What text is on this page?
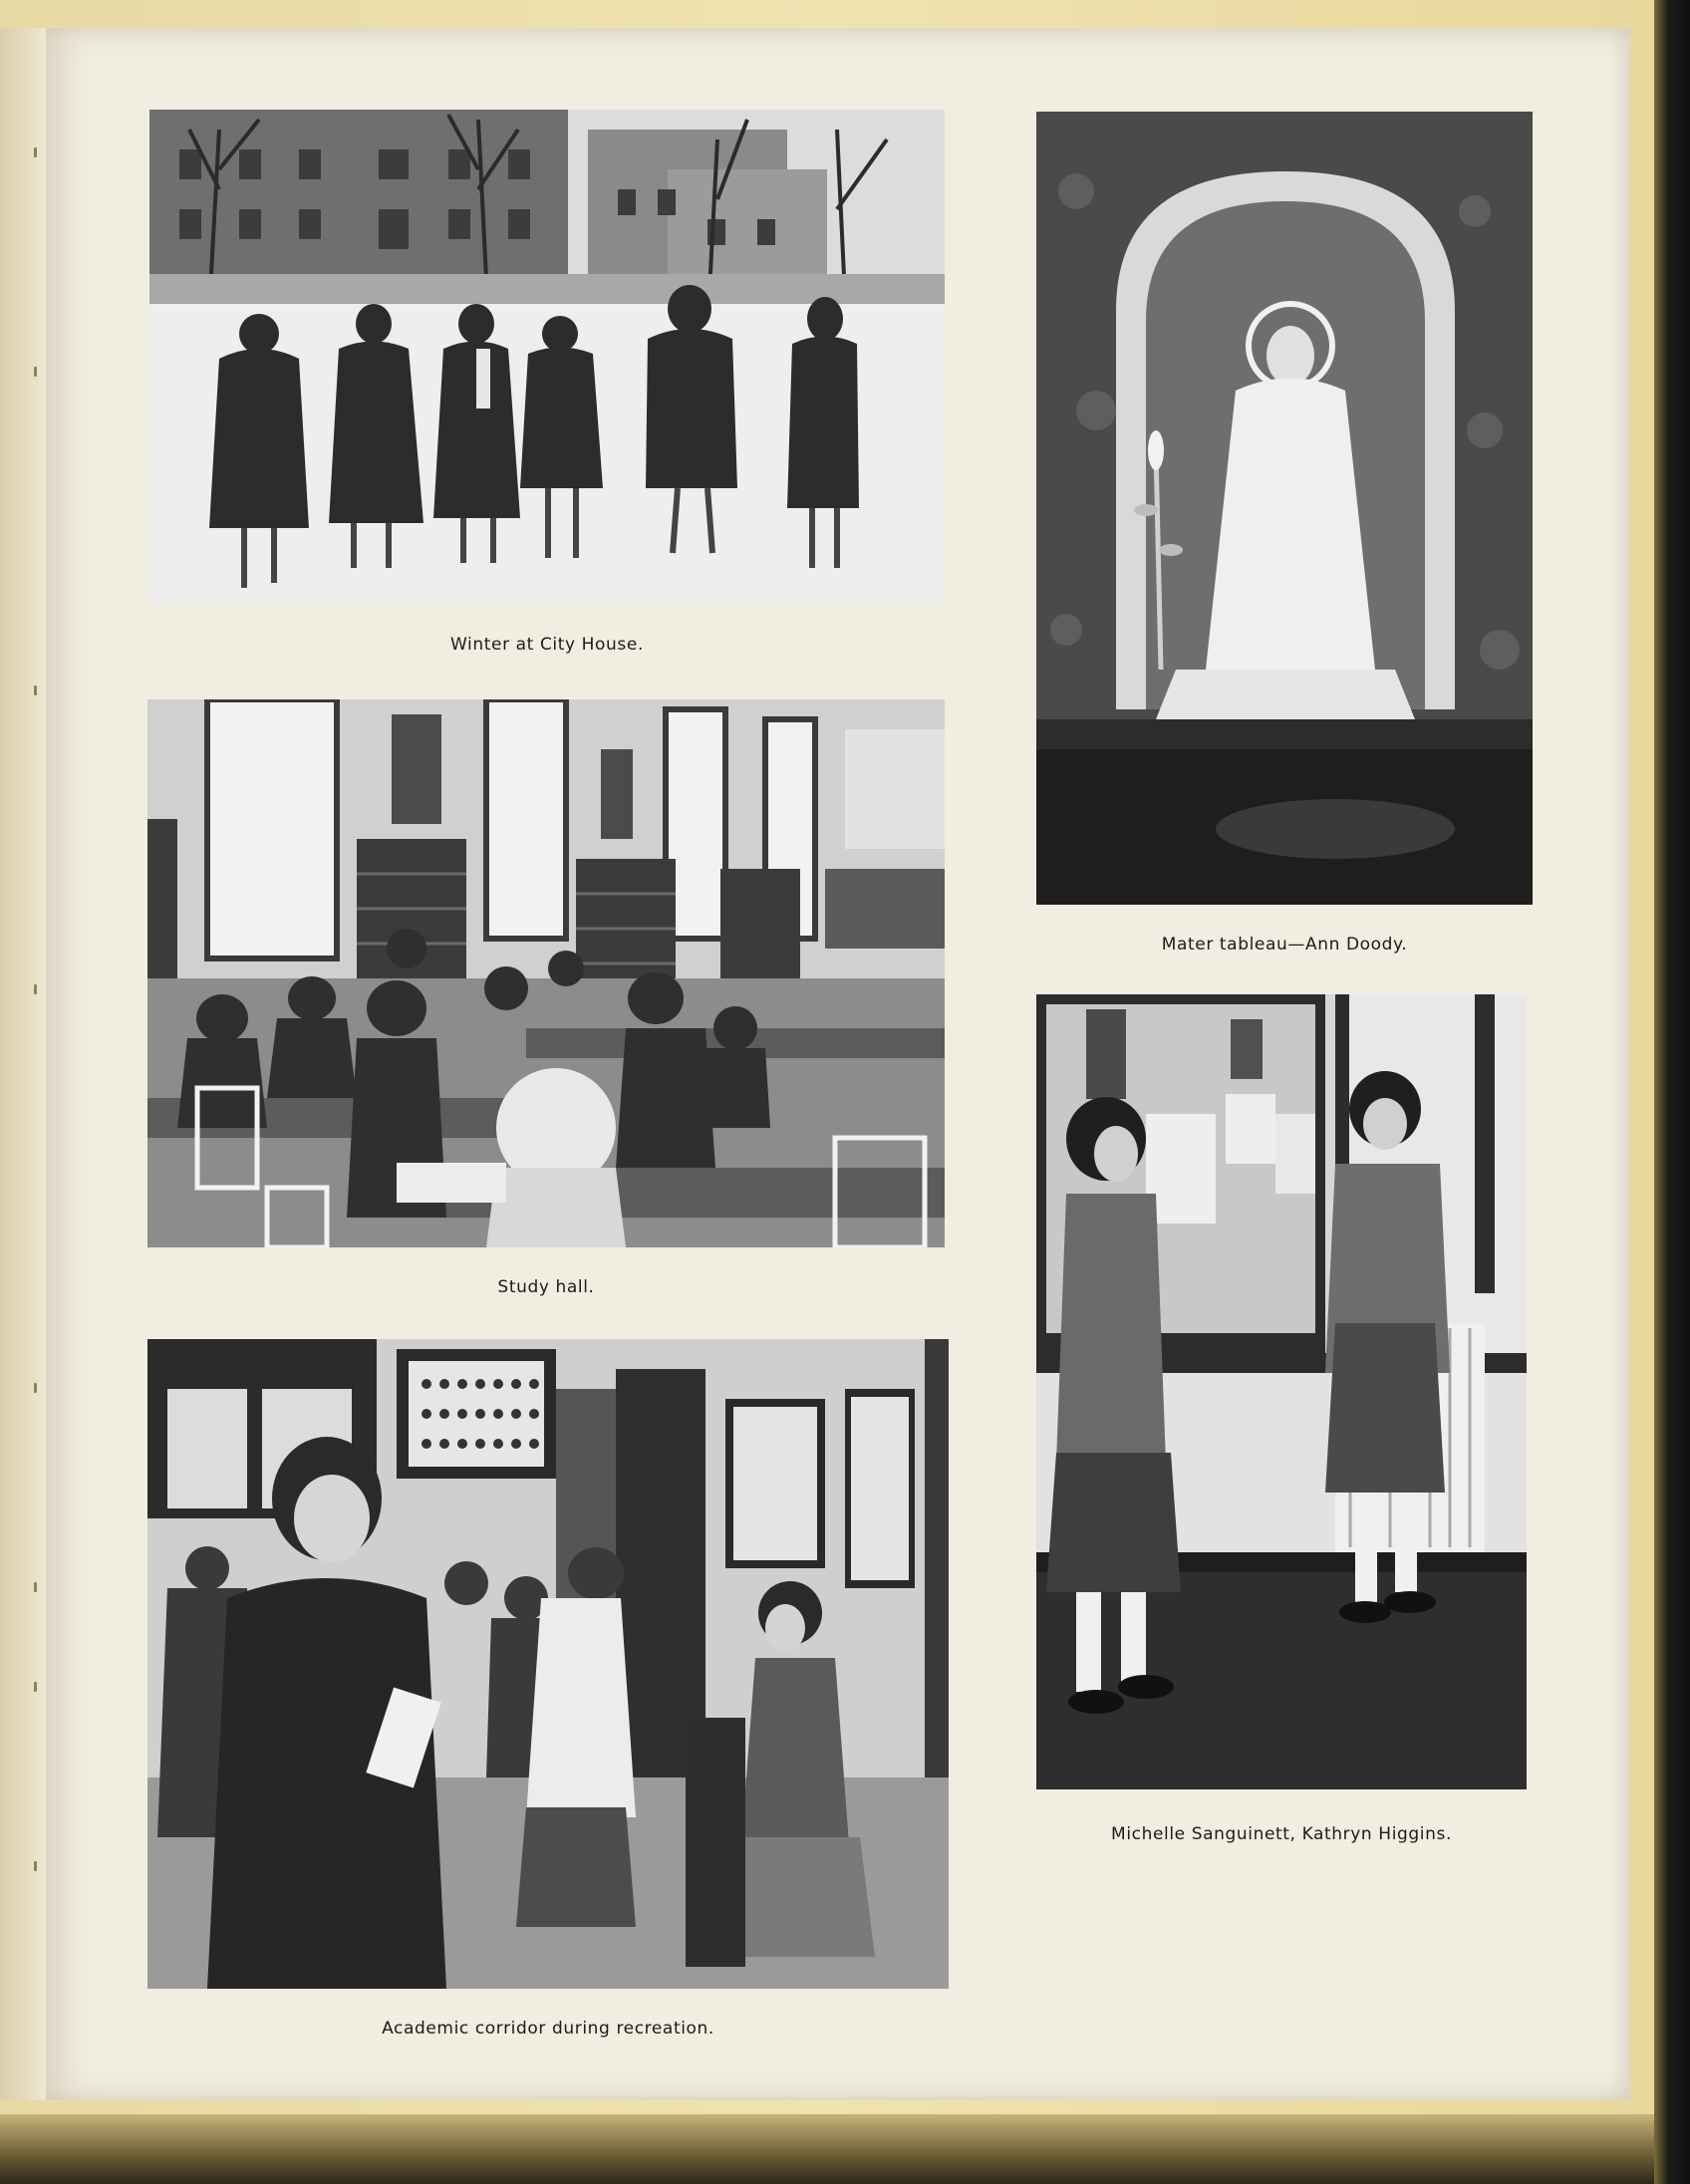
Winter at City House.
Study hall.
Academic corridor during recreation.
Mater tableau—Ann Doody.
Michelle Sanguinett, Kathryn Higgins.
